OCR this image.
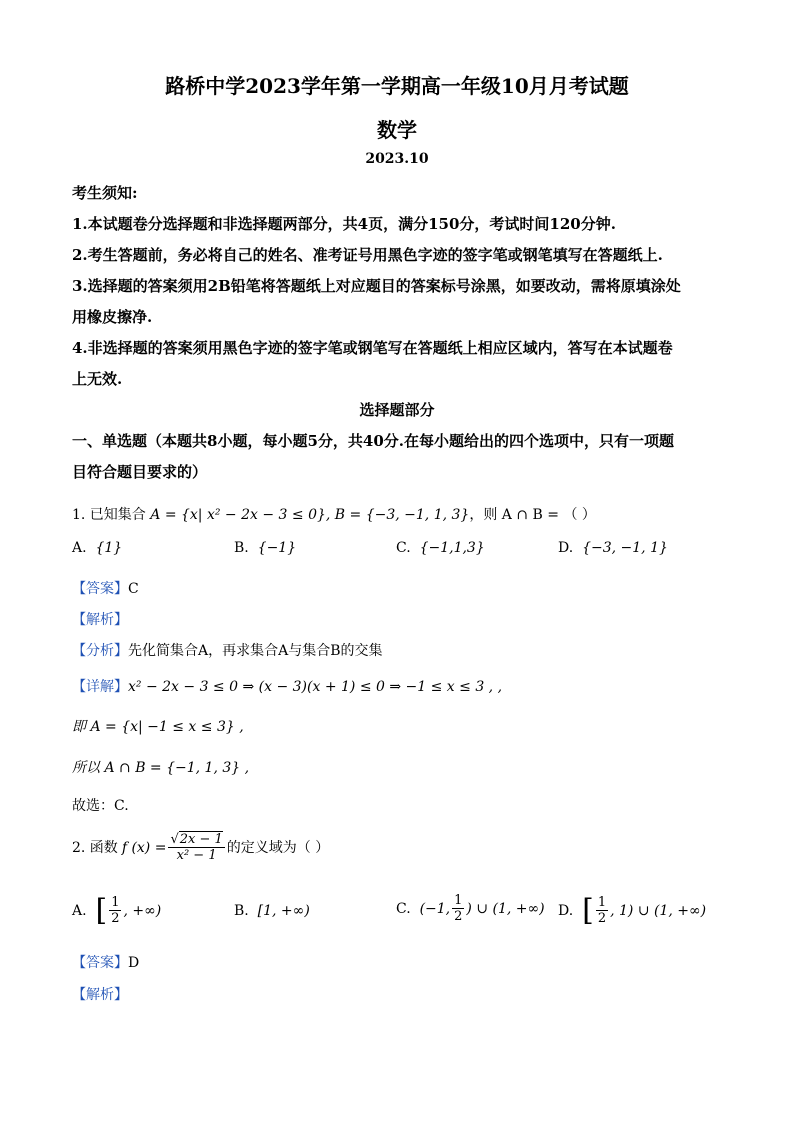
路桥中学2023学年第一学期高一年级10月月考试题
数学
2023.10
考生须知:
1.本试题卷分选择题和非选择题两部分，共4页，满分150分，考试时间120分钟.
2.考生答题前，务必将自己的姓名、准考证号用黑色字迹的签字笔或钢笔填写在答题纸上.
3.选择题的答案须用2B铅笔将答题纸上对应题目的答案标号涂黑，如要改动，需将原填涂处
用橡皮擦净.
4.非选择题的答案须用黑色字迹的签字笔或钢笔写在答题纸上相应区域内，答写在本试题卷
上无效.
选择题部分
一、单选题（本题共8小题，每小题5分，共40分.在每小题给出的四个选项中，只有一项题
目符合题目要求的）
1. 已知集合 A = {x| x² − 2x − 3 ≤ 0}, B = {−3, −1, 1, 3}，则 A ∩ B = （ ）
A. {1}	B. {−1}	C. {−1,1,3}	D. {−3, −1, 1}
【答案】C
【解析】
【分析】先化简集合A，再求集合A与集合B的交集
【详解】x² − 2x − 3 ≤ 0 ⇒ (x − 3)(x + 1) ≤ 0 ⇒ −1 ≤ x ≤ 3 , ,
即 A = {x| −1 ≤ x ≤ 3} ,
所以 A ∩ B = {−1, 1, 3} ,
故选：C.
2. 函数 f $(x) = \frac{√2x - 1}{\text{x² − 1}}$ 的定义域为（ ）
A.
[ $\frac{1}{2}$ , +∞)	B. [1, +∞)	C.
(−1, $\frac{1}{2}$ ) ∪ (1, +∞) D.
[ $\frac{1}{2}$ , 1) ∪ (1, +∞)
【答案】D
【解析】
